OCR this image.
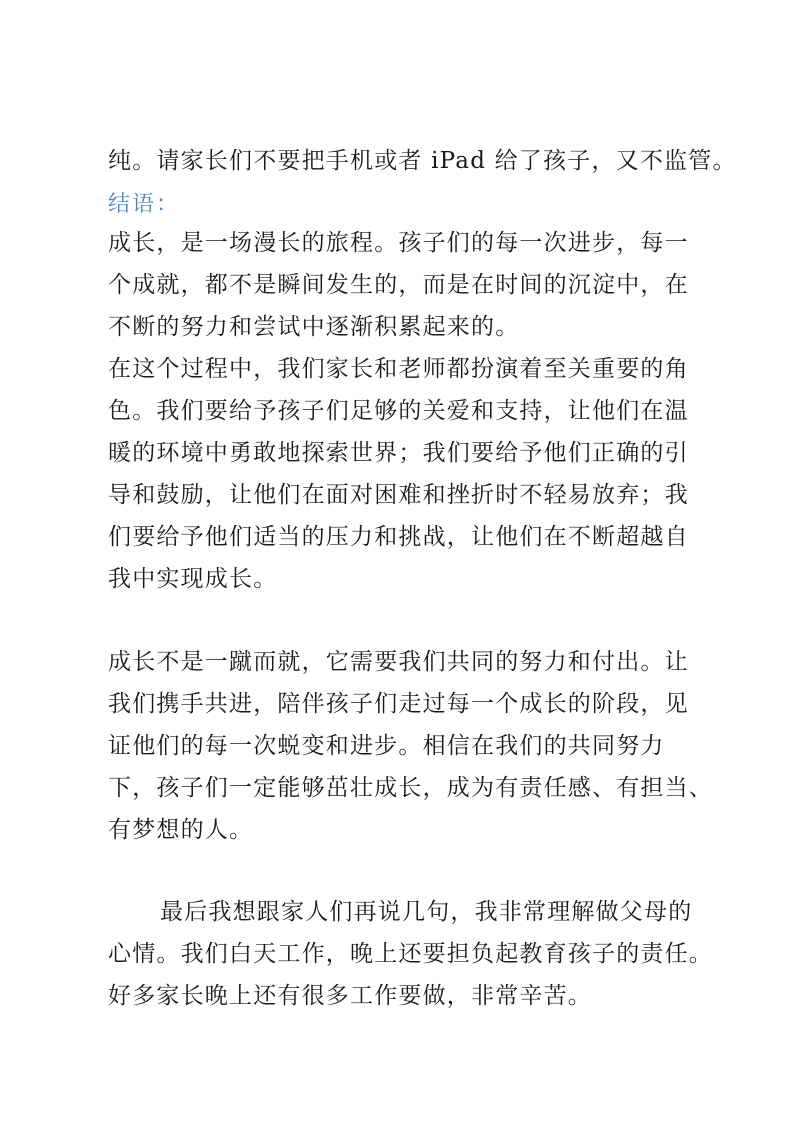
纯。请家长们不要把手机或者 iPad 给了孩子，又不监管。
结语：
成长，是一场漫长的旅程。孩子们的每一次进步，每一
个成就，都不是瞬间发生的，而是在时间的沉淀中，在
不断的努力和尝试中逐渐积累起来的。
在这个过程中，我们家长和老师都扮演着至关重要的角
色。我们要给予孩子们足够的关爱和支持，让他们在温
暖的环境中勇敢地探索世界；我们要给予他们正确的引
导和鼓励，让他们在面对困难和挫折时不轻易放弃；我
们要给予他们适当的压力和挑战，让他们在不断超越自
我中实现成长。
成长不是一蹴而就，它需要我们共同的努力和付出。让
我们携手共进，陪伴孩子们走过每一个成长的阶段，见
证他们的每一次蜕变和进步。相信在我们的共同努力
下，孩子们一定能够茁壮成长，成为有责任感、有担当、
有梦想的人。
最后我想跟家人们再说几句，我非常理解做父母的
心情。我们白天工作，晚上还要担负起教育孩子的责任。
好多家长晚上还有很多工作要做，非常辛苦。
